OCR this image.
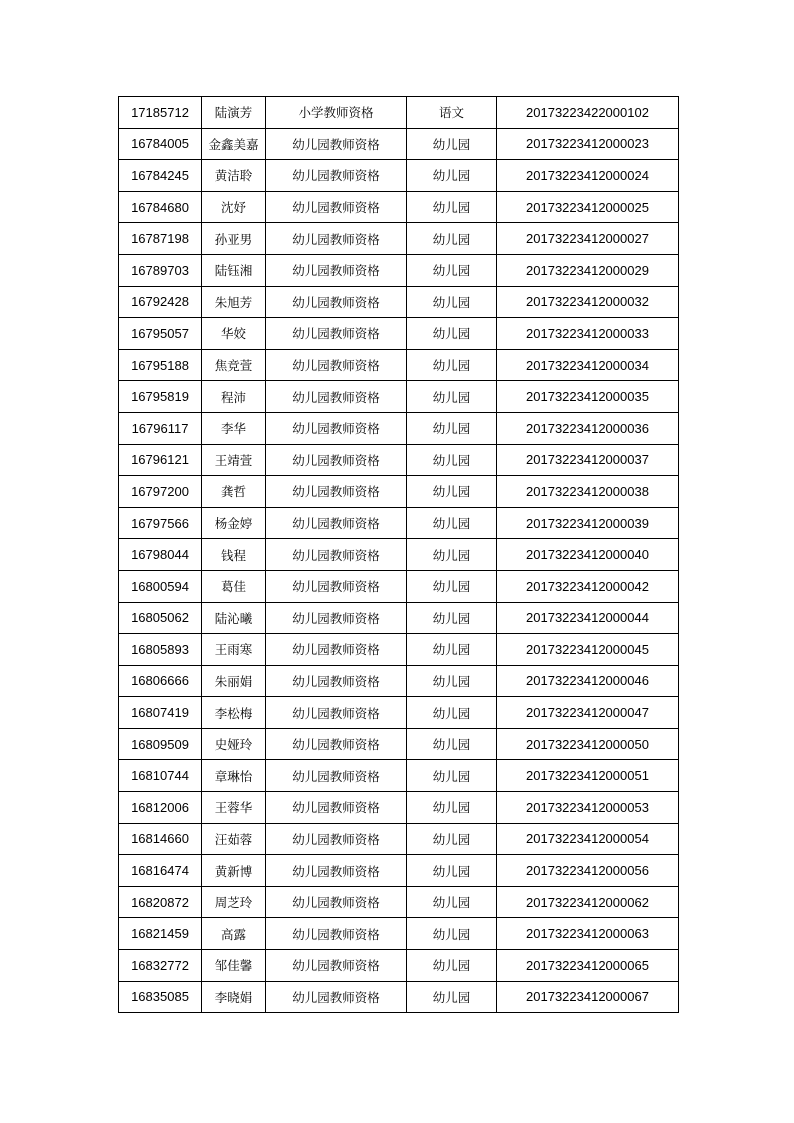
17185712	陆演芳	小学教师资格	语文	20173223422000102
16784005	金鑫美嘉	幼儿园教师资格	幼儿园	20173223412000023
16784245	黄洁聆	幼儿园教师资格	幼儿园	20173223412000024
16784680	沈妤	幼儿园教师资格	幼儿园	20173223412000025
16787198	孙亚男	幼儿园教师资格	幼儿园	20173223412000027
16789703	陆钰湘	幼儿园教师资格	幼儿园	20173223412000029
16792428	朱旭芳	幼儿园教师资格	幼儿园	20173223412000032
16795057	华姣	幼儿园教师资格	幼儿园	20173223412000033
16795188	焦竞萱	幼儿园教师资格	幼儿园	20173223412000034
16795819	程沛	幼儿园教师资格	幼儿园	20173223412000035
16796117	李华	幼儿园教师资格	幼儿园	20173223412000036
16796121	王靖萱	幼儿园教师资格	幼儿园	20173223412000037
16797200	龚哲	幼儿园教师资格	幼儿园	20173223412000038
16797566	杨金婷	幼儿园教师资格	幼儿园	20173223412000039
16798044	钱程	幼儿园教师资格	幼儿园	20173223412000040
16800594	葛佳	幼儿园教师资格	幼儿园	20173223412000042
16805062	陆沁曦	幼儿园教师资格	幼儿园	20173223412000044
16805893	王雨寒	幼儿园教师资格	幼儿园	20173223412000045
16806666	朱丽娟	幼儿园教师资格	幼儿园	20173223412000046
16807419	李松梅	幼儿园教师资格	幼儿园	20173223412000047
16809509	史娅玲	幼儿园教师资格	幼儿园	20173223412000050
16810744	章琳怡	幼儿园教师资格	幼儿园	20173223412000051
16812006	王蓉华	幼儿园教师资格	幼儿园	20173223412000053
16814660	汪茹蓉	幼儿园教师资格	幼儿园	20173223412000054
16816474	黄新博	幼儿园教师资格	幼儿园	20173223412000056
16820872	周芝玲	幼儿园教师资格	幼儿园	20173223412000062
16821459	高露	幼儿园教师资格	幼儿园	20173223412000063
16832772	邹佳馨	幼儿园教师资格	幼儿园	20173223412000065
16835085	李晓娟	幼儿园教师资格	幼儿园	20173223412000067
